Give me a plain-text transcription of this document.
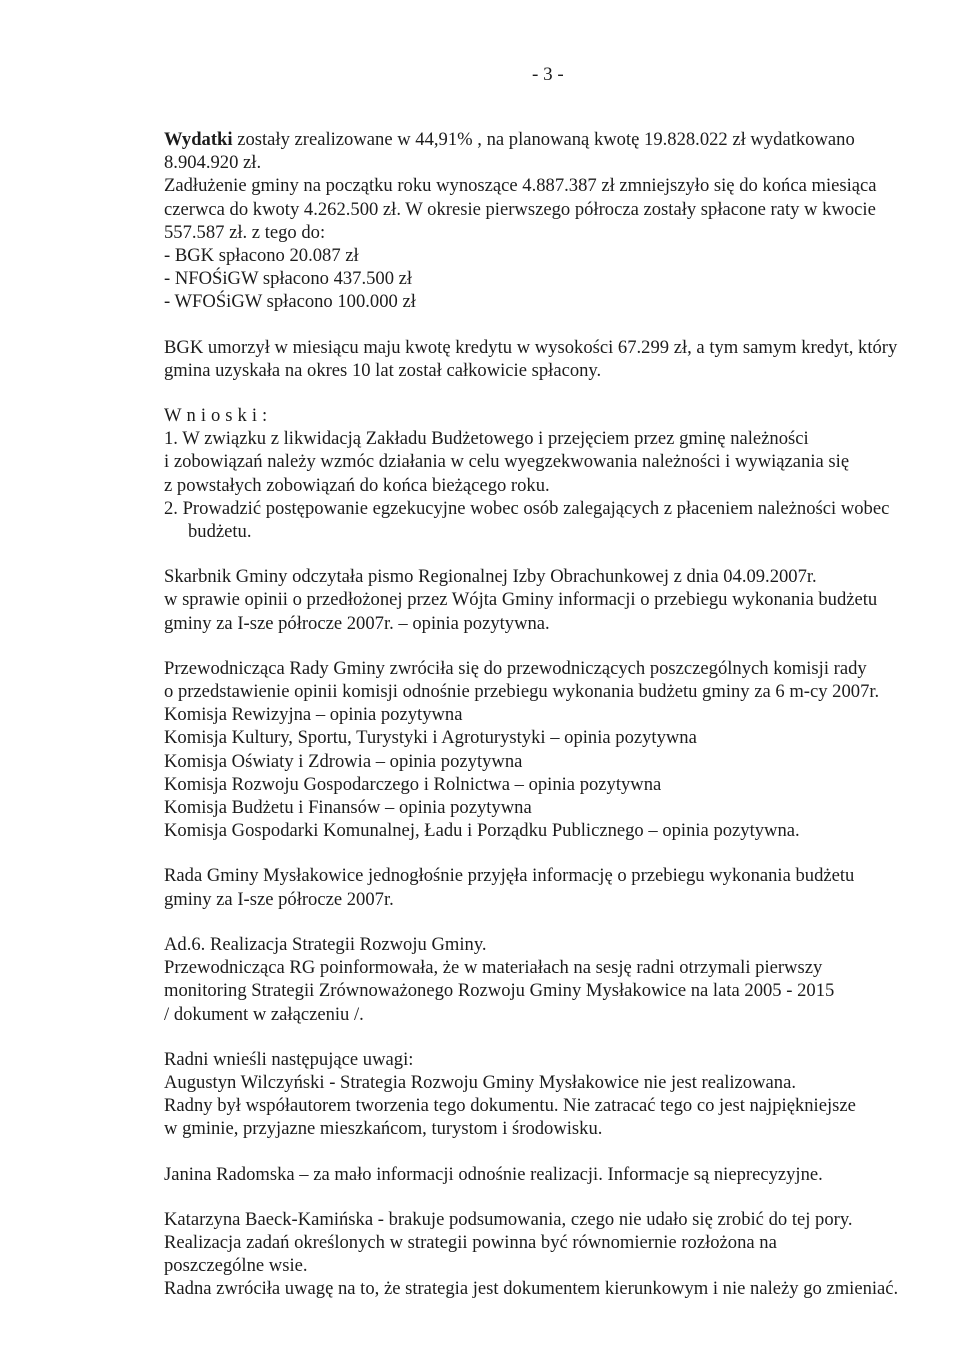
- 3 -

Wydatki zostały zrealizowane w 44,91% , na planowaną kwotę 19.828.022 zł wydatkowano

8.904.920 zł.

Zadłużenie gminy na początku roku wynoszące 4.887.387 zł zmniejszyło się do końca miesiąca

czerwca do kwoty 4.262.500 zł. W okresie pierwszego półrocza zostały spłacone raty w kwocie

557.587 zł. z tego do:

- BGK spłacono 20.087 zł

- NFOŚiGW spłacono 437.500 zł

- WFOŚiGW spłacono 100.000 zł

BGK umorzył w miesiącu maju kwotę kredytu w wysokości 67.299 zł, a tym samym kredyt, który

gmina uzyskała na okres 10 lat został całkowicie spłacony.

Wnioski:

1. W związku z likwidacją Zakładu Budżetowego i przejęciem przez gminę należności

i zobowiązań należy wzmóc działania w celu wyegzekwowania należności i wywiązania się

z powstałych zobowiązań do końca bieżącego roku.

2. Prowadzić postępowanie egzekucyjne wobec osób zalegających z płaceniem należności wobec

budżetu.

Skarbnik Gminy odczytała pismo Regionalnej Izby Obrachunkowej z dnia 04.09.2007r.

w sprawie opinii o przedłożonej przez Wójta Gminy informacji o przebiegu wykonania budżetu

gminy za I-sze półrocze 2007r. – opinia pozytywna.

Przewodnicząca Rady Gminy zwróciła się do przewodniczących poszczególnych komisji rady

o przedstawienie opinii komisji odnośnie przebiegu wykonania budżetu gminy za 6 m-cy 2007r.

Komisja Rewizyjna – opinia pozytywna

Komisja Kultury, Sportu, Turystyki i Agroturystyki – opinia pozytywna

Komisja Oświaty i Zdrowia – opinia pozytywna

Komisja Rozwoju Gospodarczego i Rolnictwa – opinia pozytywna

Komisja Budżetu i Finansów – opinia pozytywna

Komisja Gospodarki Komunalnej, Ładu i Porządku Publicznego – opinia pozytywna.

Rada Gminy Mysłakowice jednogłośnie przyjęła informację o przebiegu wykonania budżetu

gminy za I-sze półrocze 2007r.

Ad.6. Realizacja Strategii Rozwoju Gminy.

Przewodnicząca RG poinformowała, że w materiałach na sesję radni otrzymali pierwszy

monitoring Strategii Zrównoważonego Rozwoju Gminy Mysłakowice na lata 2005 - 2015

/ dokument w załączeniu /.

Radni wnieśli następujące uwagi:

Augustyn Wilczyński - Strategia Rozwoju Gminy Mysłakowice nie jest realizowana.

Radny był współautorem tworzenia tego dokumentu. Nie zatracać tego co jest najpiękniejsze

w gminie, przyjazne mieszkańcom, turystom i środowisku.

Janina Radomska – za mało informacji odnośnie realizacji. Informacje są nieprecyzyjne.

Katarzyna Baeck-Kamińska - brakuje podsumowania, czego nie udało się zrobić do tej pory.

Realizacja zadań określonych w strategii powinna być równomiernie rozłożona na

poszczególne wsie.

Radna zwróciła uwagę na to, że strategia jest dokumentem kierunkowym i nie należy go zmieniać.
